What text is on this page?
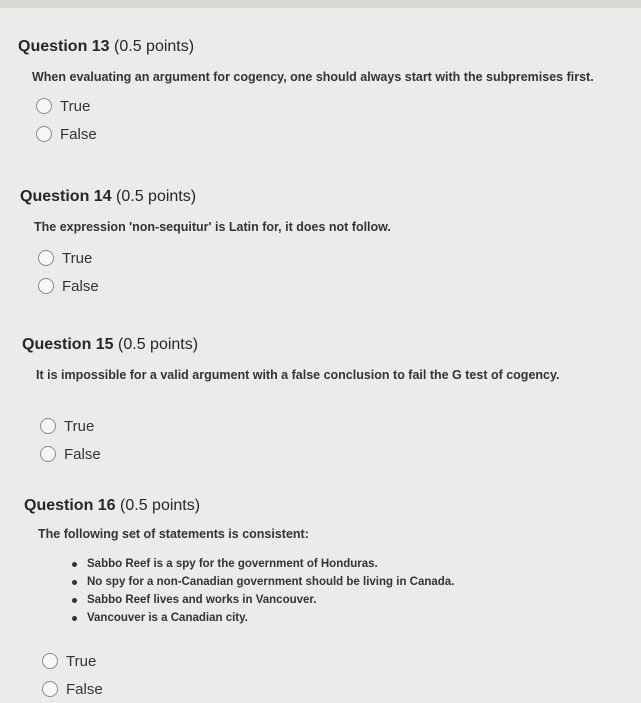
Question 13 (0.5 points)
When evaluating an argument for cogency, one should always start with the subpremises first.
True
False
Question 14 (0.5 points)
The expression 'non-sequitur' is Latin for, it does not follow.
True
False
Question 15 (0.5 points)
It is impossible for a valid argument with a false conclusion to fail the G test of cogency.
True
False
Question 16 (0.5 points)
The following set of statements is consistent:
Sabbo Reef is a spy for the government of Honduras.
No spy for a non-Canadian government should be living in Canada.
Sabbo Reef lives and works in Vancouver.
Vancouver is a Canadian city.
True
False
